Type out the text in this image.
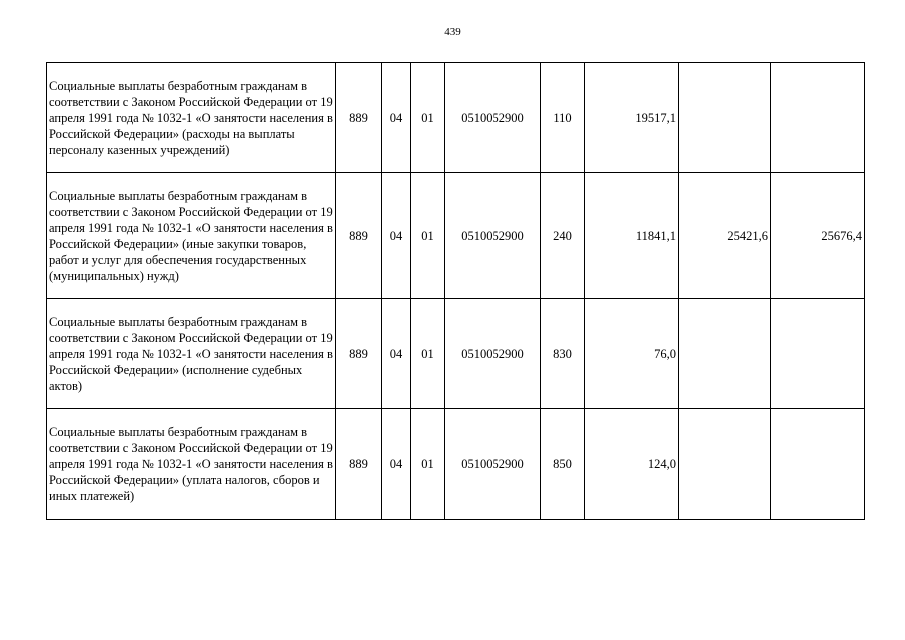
439
Социальные выплаты безработным гражданам в соответствии с Законом Российской Федерации от 19 апреля 1991 года № 1032-1 «О занятости населения в Российской Федерации» (расходы на выплаты персоналу казенных учреждений)	889	04	01	0510052900	110	19517,1		
Социальные выплаты безработным гражданам в соответствии с Законом Российской Федерации от 19 апреля 1991 года № 1032-1 «О занятости населения в Российской Федерации» (иные закупки товаров, работ и услуг для обеспечения государственных (муниципальных) нужд)	889	04	01	0510052900	240	11841,1	25421,6	25676,4
Социальные выплаты безработным гражданам в соответствии с Законом Российской Федерации от 19 апреля 1991 года № 1032-1 «О занятости населения в Российской Федерации» (исполнение судебных актов)	889	04	01	0510052900	830	76,0		
Социальные выплаты безработным гражданам в соответствии с Законом Российской Федерации от 19 апреля 1991 года № 1032-1 «О занятости населения в Российской Федерации» (уплата налогов, сборов и иных платежей)	889	04	01	0510052900	850	124,0		
